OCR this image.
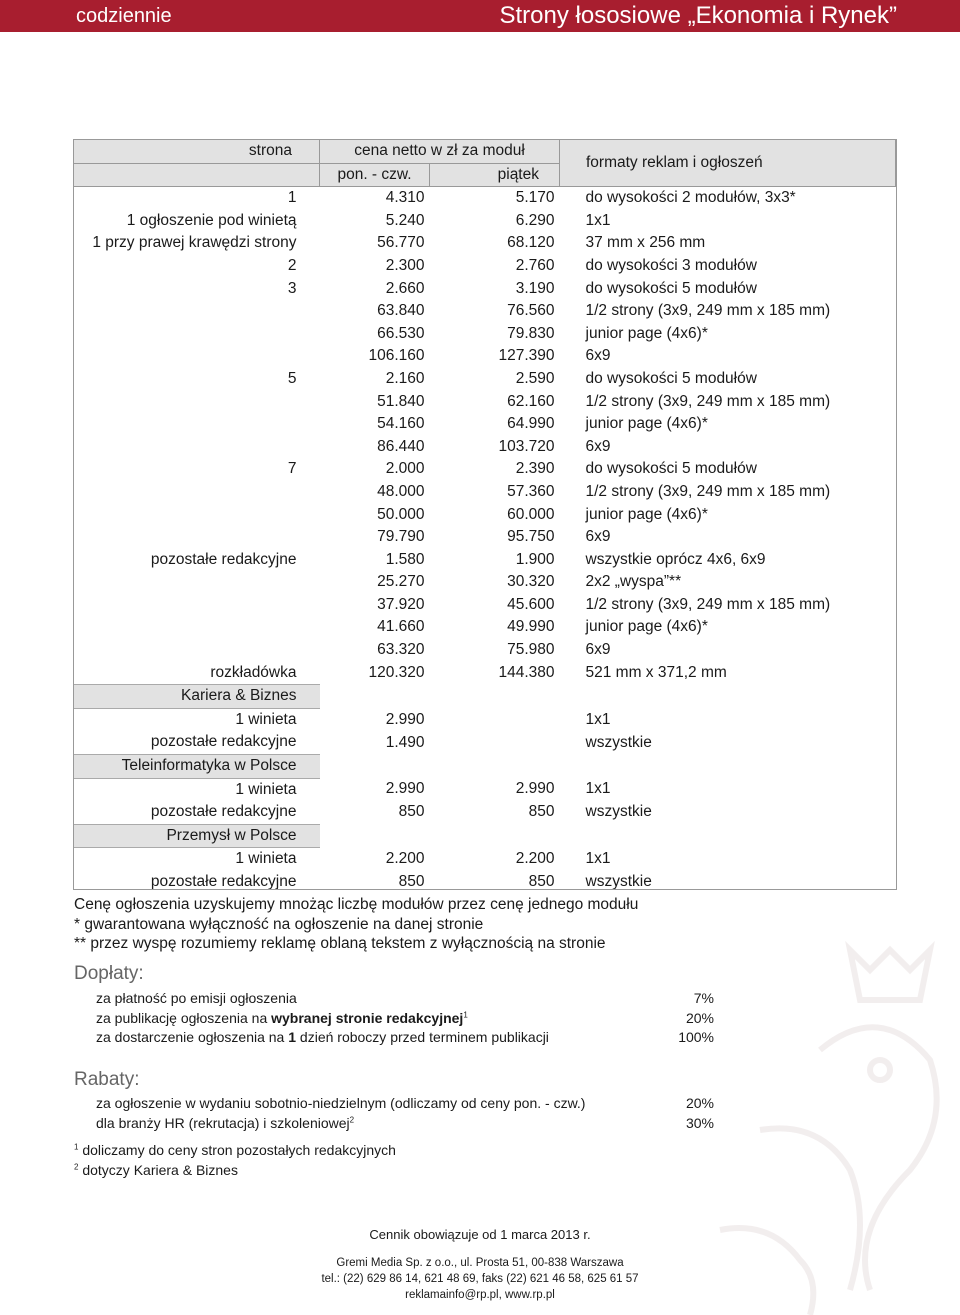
codziennie	Strony łososiowe „Ekonomia i Rynek”
strona	cena netto w zł za moduł		formaty reklam i ogłoszeń
	pon. - czw.	piątek	
1	4.310	5.170	do wysokości 2 modułów, 3x3*
1 ogłoszenie pod winietą	5.240	6.290	1x1
1 przy prawej krawędzi strony	56.770	68.120	37 mm x 256 mm
2	2.300	2.760	do wysokości 3 modułów
3	2.660	3.190	do wysokości 5 modułów
	63.840	76.560	1/2 strony (3x9, 249 mm x 185 mm)
	66.530	79.830	junior page (4x6)*
	106.160	127.390	6x9
5	2.160	2.590	do wysokości 5 modułów
	51.840	62.160	1/2 strony (3x9, 249 mm x 185 mm)
	54.160	64.990	junior page (4x6)*
	86.440	103.720	6x9
7	2.000	2.390	do wysokości 5 modułów
	48.000	57.360	1/2 strony (3x9, 249 mm x 185 mm)
	50.000	60.000	junior page (4x6)*
	79.790	95.750	6x9
pozostałe redakcyjne	1.580	1.900	wszystkie oprócz 4x6, 6x9
	25.270	30.320	2x2 „wyspa”**
	37.920	45.600	1/2 strony (3x9, 249 mm x 185 mm)
	41.660	49.990	junior page (4x6)*
	63.320	75.980	6x9
rozkładówka	120.320	144.380	521 mm x 371,2 mm
Kariera & Biznes			
1 winieta	2.990		1x1
pozostałe redakcyjne	1.490		wszystkie
Teleinformatyka w Polsce			
1 winieta	2.990	2.990	1x1
pozostałe redakcyjne	850	850	wszystkie
Przemysł w Polsce			
1 winieta	2.200	2.200	1x1
pozostałe redakcyjne	850	850	wszystkie
Cenę ogłoszenia uzyskujemy mnożąc liczbę modułów przez cenę jednego modułu
* gwarantowana wyłączność na ogłoszenie na danej stronie
** przez wyspę rozumiemy reklamę oblaną tekstem z wyłącznością na stronie
Dopłaty:
za płatność po emisji ogłoszenia	7%
za publikację ogłoszenia na wybranej stronie redakcyjnej$^1$	20%
za dostarczenie ogłoszenia na 1 dzień roboczy przed terminem publikacji	100%
Rabaty:
za ogłoszenie w wydaniu sobotnio-niedzielnym (odliczamy od ceny pon. - czw.)	20%
dla branży HR (rekrutacja) i szkoleniowej$^2$	30%
$^1$ doliczamy do ceny stron pozostałych redakcyjnych
$^2$ dotyczy Kariera & Biznes
Cennik obowiązuje od 1 marca 2013 r.
Gremi Media Sp. z o.o., ul. Prosta 51, 00-838 Warszawa
tel.: (22) 629 86 14, 621 48 69, faks (22) 621 46 58, 625 61 57
reklamainfo@rp.pl, www.rp.pl
